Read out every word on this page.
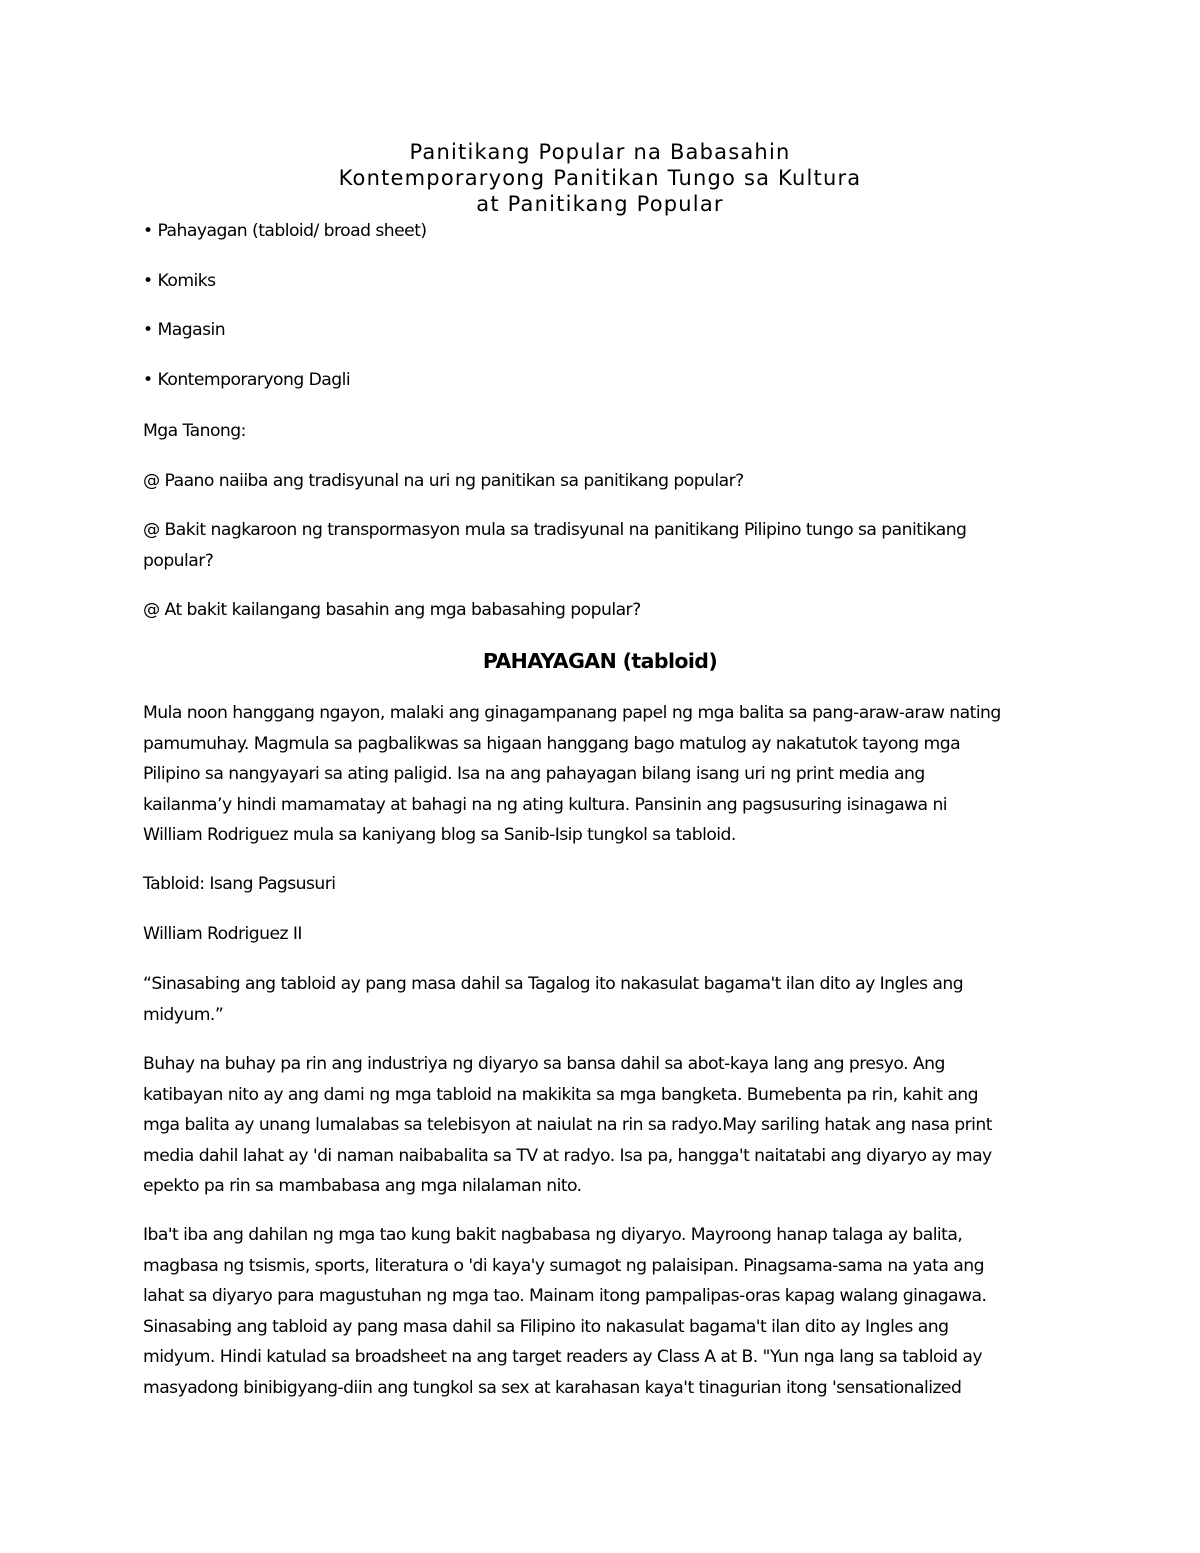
Panitikang Popular na Babasahin
Kontemporaryong Panitikan Tungo sa Kultura
at Panitikang Popular
• Pahayagan (tabloid/ broad sheet)
• Komiks
• Magasin
• Kontemporaryong Dagli
Mga Tanong:
@ Paano naiiba ang tradisyunal na uri ng panitikan sa panitikang popular?
@ Bakit nagkaroon ng transpormasyon mula sa tradisyunal na panitikang Pilipino tungo sa panitikang
popular?
@ At bakit kailangang basahin ang mga babasahing popular?
PAHAYAGAN (tabloid)
Mula noon hanggang ngayon, malaki ang ginagampanang papel ng mga balita sa pang-araw-araw nating
pamumuhay. Magmula sa pagbalikwas sa higaan hanggang bago matulog ay nakatutok tayong mga
Pilipino sa nangyayari sa ating paligid. Isa na ang pahayagan bilang isang uri ng print media ang
kailanma’y hindi mamamatay at bahagi na ng ating kultura. Pansinin ang pagsusuring isinagawa ni
William Rodriguez mula sa kaniyang blog sa Sanib-Isip tungkol sa tabloid.
Tabloid: Isang Pagsusuri
William Rodriguez II
“Sinasabing ang tabloid ay pang masa dahil sa Tagalog ito nakasulat bagama't ilan dito ay Ingles ang
midyum.”
Buhay na buhay pa rin ang industriya ng diyaryo sa bansa dahil sa abot-kaya lang ang presyo. Ang
katibayan nito ay ang dami ng mga tabloid na makikita sa mga bangketa. Bumebenta pa rin, kahit ang
mga balita ay unang lumalabas sa telebisyon at naiulat na rin sa radyo.May sariling hatak ang nasa print
media dahil lahat ay 'di naman naibabalita sa TV at radyo. Isa pa, hangga't naitatabi ang diyaryo ay may
epekto pa rin sa mambabasa ang mga nilalaman nito.
Iba't iba ang dahilan ng mga tao kung bakit nagbabasa ng diyaryo. Mayroong hanap talaga ay balita,
magbasa ng tsismis, sports, literatura o 'di kaya'y sumagot ng palaisipan. Pinagsama-sama na yata ang
lahat sa diyaryo para magustuhan ng mga tao. Mainam itong pampalipas-oras kapag walang ginagawa.
Sinasabing ang tabloid ay pang masa dahil sa Filipino ito nakasulat bagama't ilan dito ay Ingles ang
midyum. Hindi katulad sa broadsheet na ang target readers ay Class A at B. "Yun nga lang sa tabloid ay
masyadong binibigyang-diin ang tungkol sa sex at karahasan kaya't tinagurian itong 'sensationalized
